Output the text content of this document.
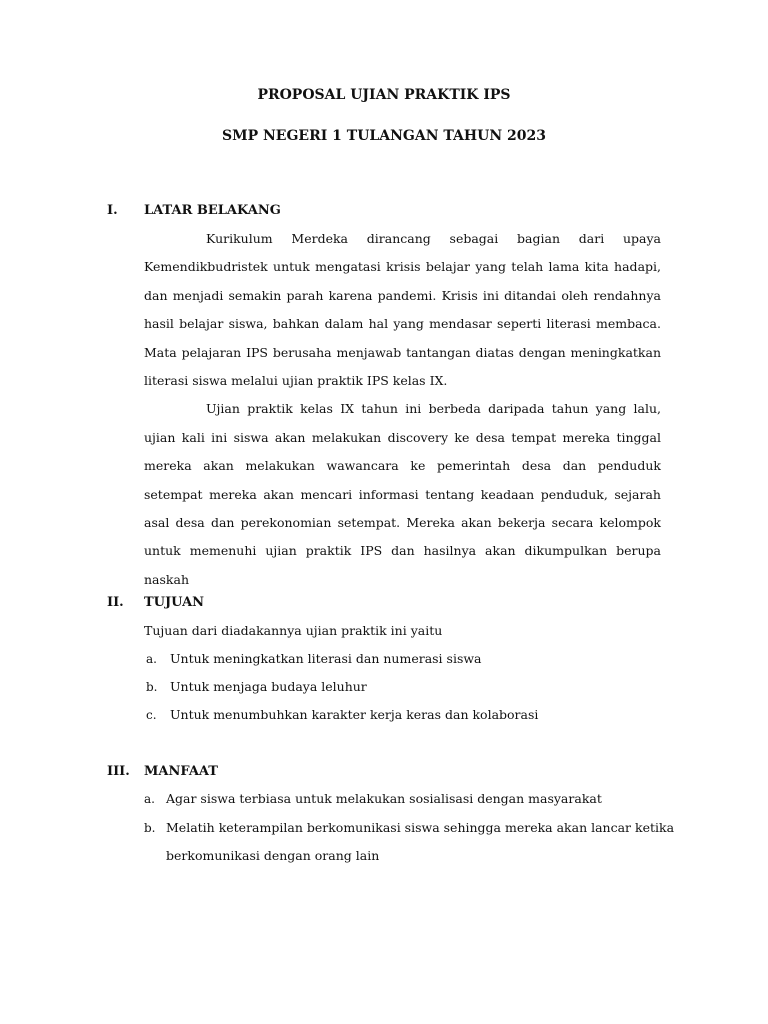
PROPOSAL UJIAN PRAKTIK IPS
SMP NEGERI 1 TULANGAN TAHUN 2023
I.	LATAR BELAKANG

Kurikulum Merdeka dirancang sebagai bagian dari upaya Kemendikbudristek untuk mengatasi krisis belajar yang telah lama kita hadapi, dan menjadi semakin parah karena pandemi. Krisis ini ditandai oleh rendahnya hasil belajar siswa, bahkan dalam hal yang mendasar seperti literasi membaca. Mata pelajaran IPS berusaha menjawab tantangan diatas dengan meningkatkan literasi siswa melalui ujian praktik IPS kelas IX.

Ujian praktik kelas IX tahun ini berbeda daripada tahun yang lalu, ujian kali ini siswa akan melakukan discovery ke desa tempat mereka tinggal mereka akan melakukan wawancara ke pemerintah desa dan penduduk setempat mereka akan mencari informasi tentang keadaan penduduk, sejarah asal desa dan perekonomian setempat. Mereka akan bekerja secara kelompok untuk memenuhi ujian praktik IPS dan hasilnya akan dikumpulkan berupa naskah

II.	TUJUAN
Tujuan dari diadakannya ujian praktik ini yaitu
a. Untuk meningkatkan literasi dan numerasi siswa
b. Untuk menjaga budaya leluhur
c. Untuk menumbuhkan karakter kerja keras dan kolaborasi
III.	MANFAAT
a. Agar siswa terbiasa untuk melakukan sosialisasi dengan masyarakat
b. Melatih keterampilan berkomunikasi siswa sehingga mereka akan lancar ketika
berkomunikasi dengan orang lain
